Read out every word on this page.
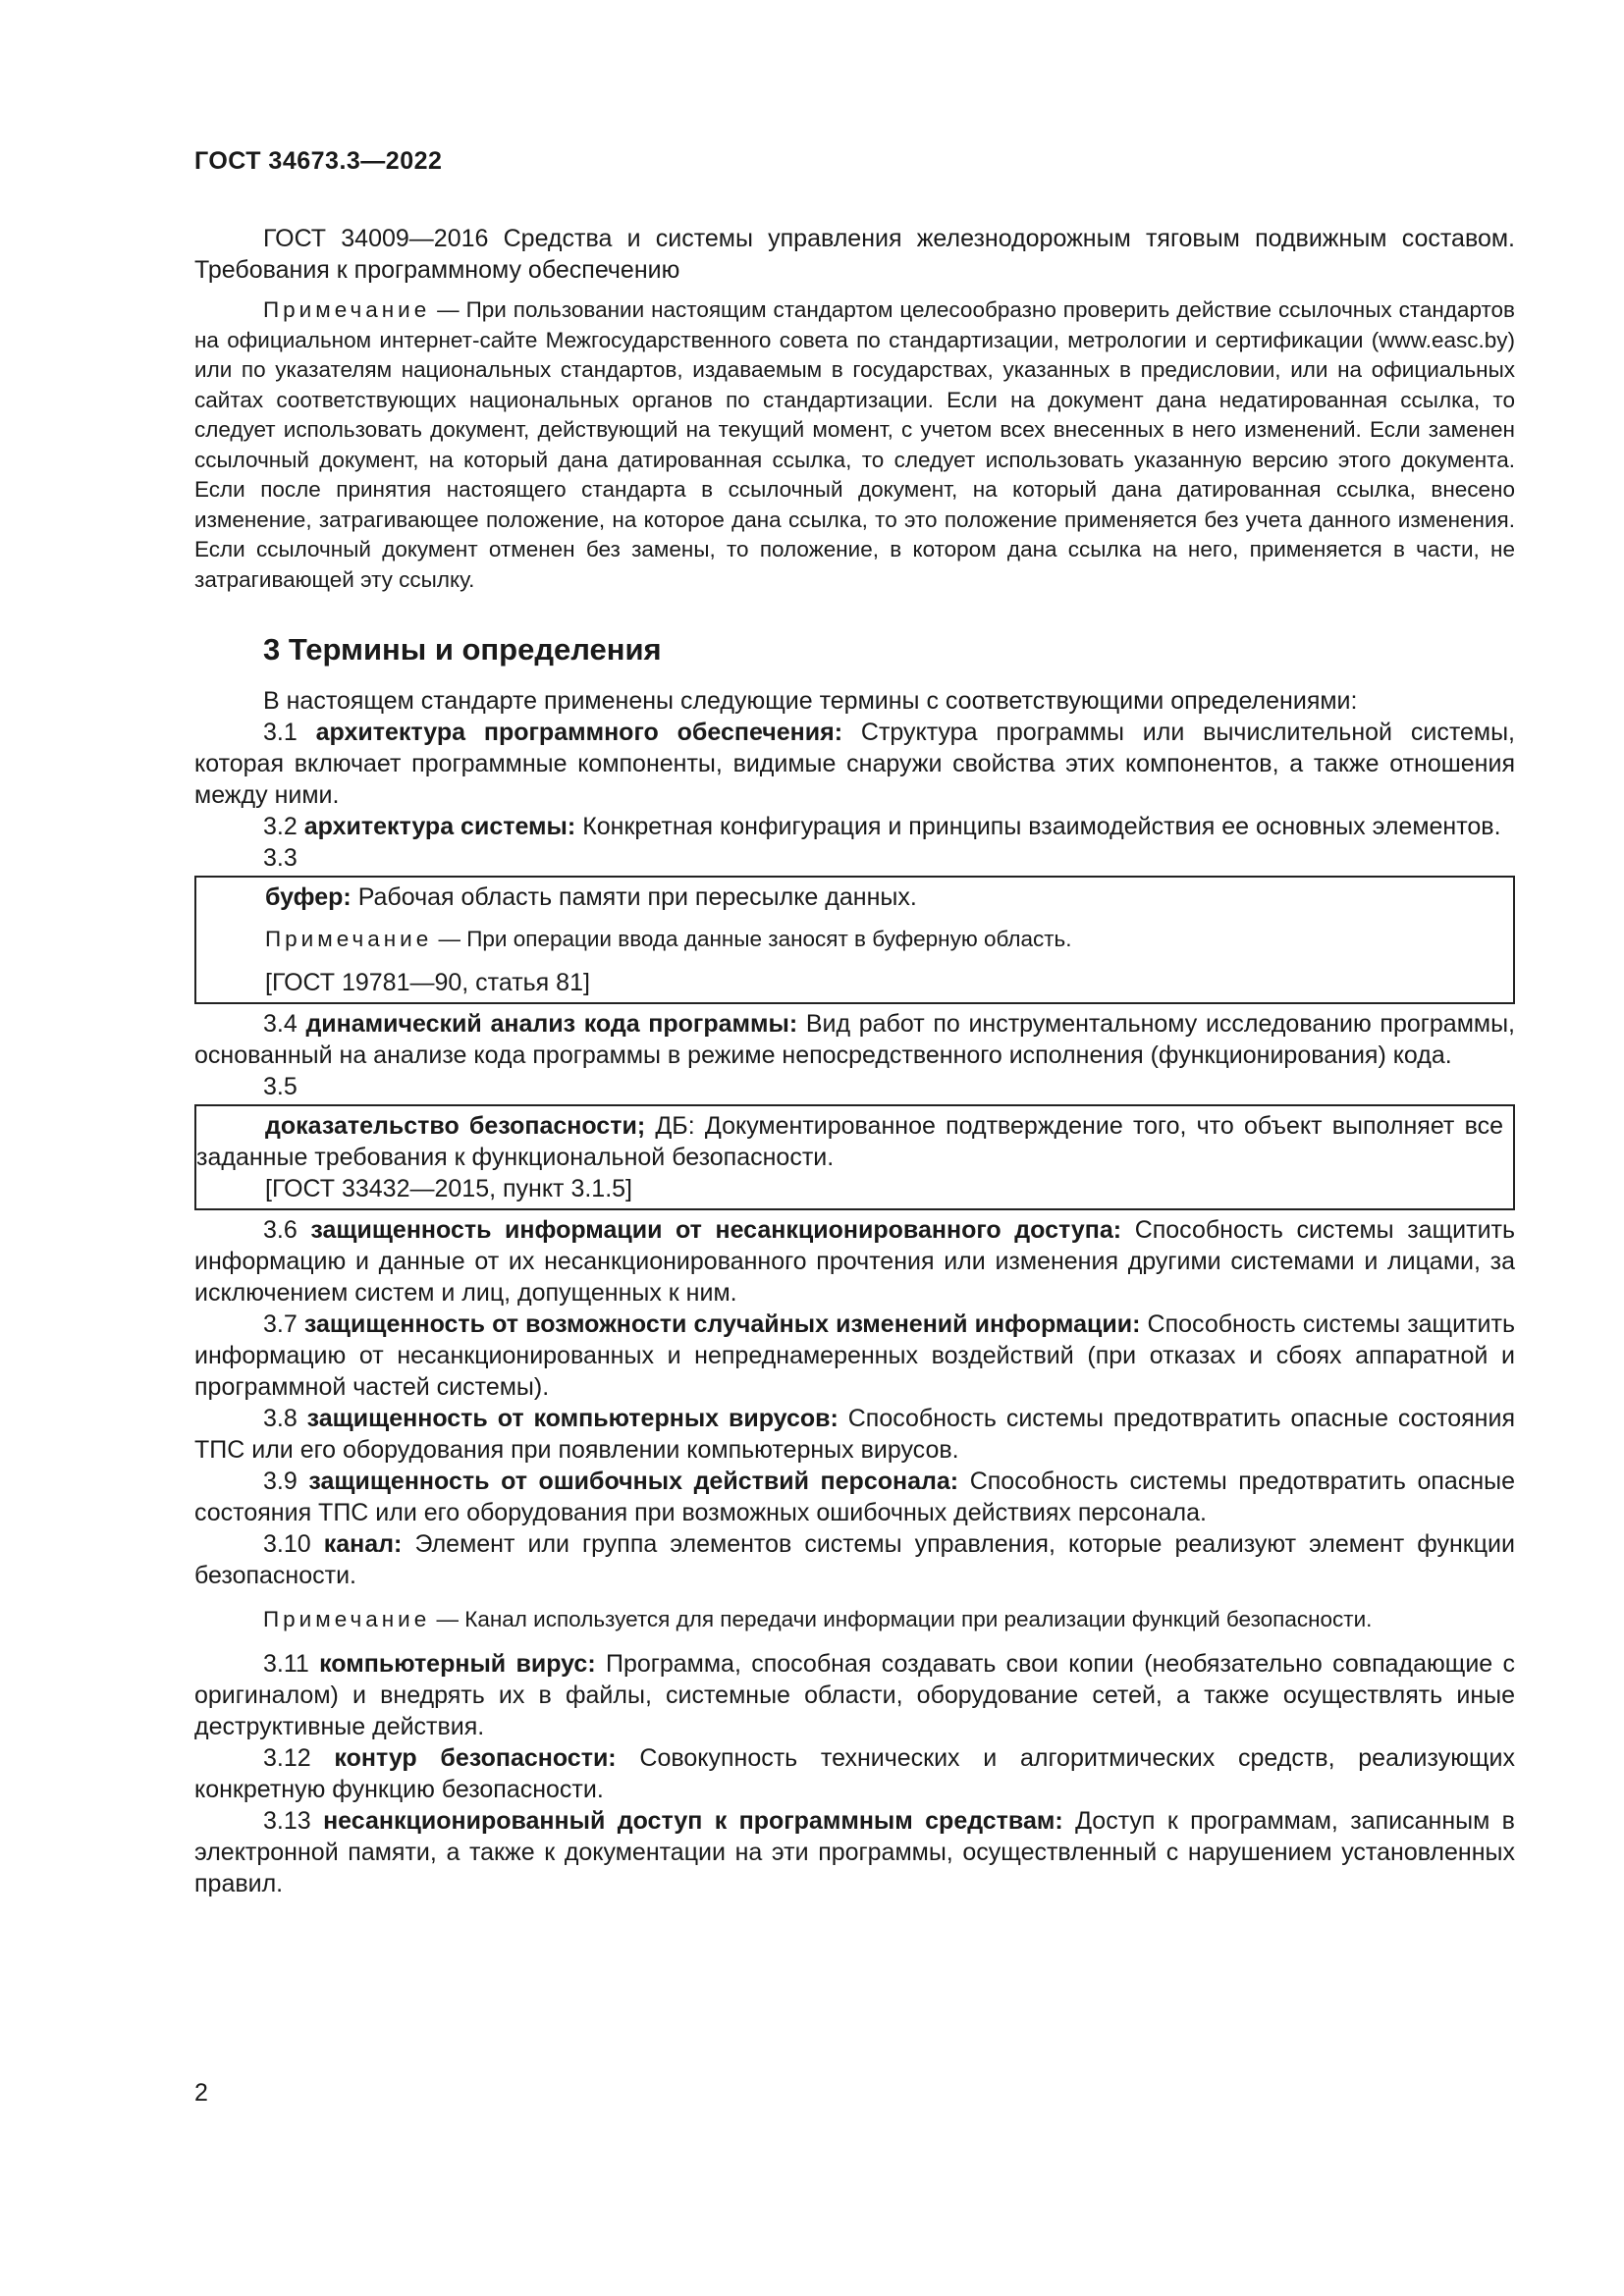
ГОСТ 34673.3—2022

ГОСТ 34009—2016 Средства и системы управления железнодорожным тяговым подвижным составом. Требования к программному обеспечению

Примечание — При пользовании настоящим стандартом целесообразно проверить действие ссылочных стандартов на официальном интернет-сайте Межгосударственного совета по стандартизации, метрологии и сертификации (www.easc.by) или по указателям национальных стандартов, издаваемым в государствах, указанных в предисловии, или на официальных сайтах соответствующих национальных органов по стандартизации. Если на документ дана недатированная ссылка, то следует использовать документ, действующий на текущий момент, с учетом всех внесенных в него изменений. Если заменен ссылочный документ, на который дана датированная ссылка, то следует использовать указанную версию этого документа. Если после принятия настоящего стандарта в ссылочный документ, на который дана датированная ссылка, внесено изменение, затрагивающее положение, на которое дана ссылка, то это положение применяется без учета данного изменения. Если ссылочный документ отменен без замены, то положение, в котором дана ссылка на него, применяется в части, не затрагивающей эту ссылку.

3 Термины и определения

В настоящем стандарте применены следующие термины с соответствующими определениями:

3.1 архитектура программного обеспечения: Структура программы или вычислительной системы, которая включает программные компоненты, видимые снаружи свойства этих компонентов, а также отношения между ними.

3.2 архитектура системы: Конкретная конфигурация и принципы взаимодействия ее основных элементов.

3.3

буфер: Рабочая область памяти при пересылке данных.

Примечание — При операции ввода данные заносят в буферную область.

[ГОСТ 19781—90, статья 81]

3.4 динамический анализ кода программы: Вид работ по инструментальному исследованию программы, основанный на анализе кода программы в режиме непосредственного исполнения (функционирования) кода.

3.5

доказательство безопасности; ДБ: Документированное подтверждение того, что объект выполняет все заданные требования к функциональной безопасности.

[ГОСТ 33432—2015, пункт 3.1.5]

3.6 защищенность информации от несанкционированного доступа: Способность системы защитить информацию и данные от их несанкционированного прочтения или изменения другими системами и лицами, за исключением систем и лиц, допущенных к ним.

3.7 защищенность от возможности случайных изменений информации: Способность системы защитить информацию от несанкционированных и непреднамеренных воздействий (при отказах и сбоях аппаратной и программной частей системы).

3.8 защищенность от компьютерных вирусов: Способность системы предотвратить опасные состояния ТПС или его оборудования при появлении компьютерных вирусов.

3.9 защищенность от ошибочных действий персонала: Способность системы предотвратить опасные состояния ТПС или его оборудования при возможных ошибочных действиях персонала.

3.10 канал: Элемент или группа элементов системы управления, которые реализуют элемент функции безопасности.

Примечание — Канал используется для передачи информации при реализации функций безопасности.

3.11 компьютерный вирус: Программа, способная создавать свои копии (необязательно совпадающие с оригиналом) и внедрять их в файлы, системные области, оборудование сетей, а также осуществлять иные деструктивные действия.

3.12 контур безопасности: Совокупность технических и алгоритмических средств, реализующих конкретную функцию безопасности.

3.13 несанкционированный доступ к программным средствам: Доступ к программам, записанным в электронной памяти, а также к документации на эти программы, осуществленный с нарушением установленных правил.

2
